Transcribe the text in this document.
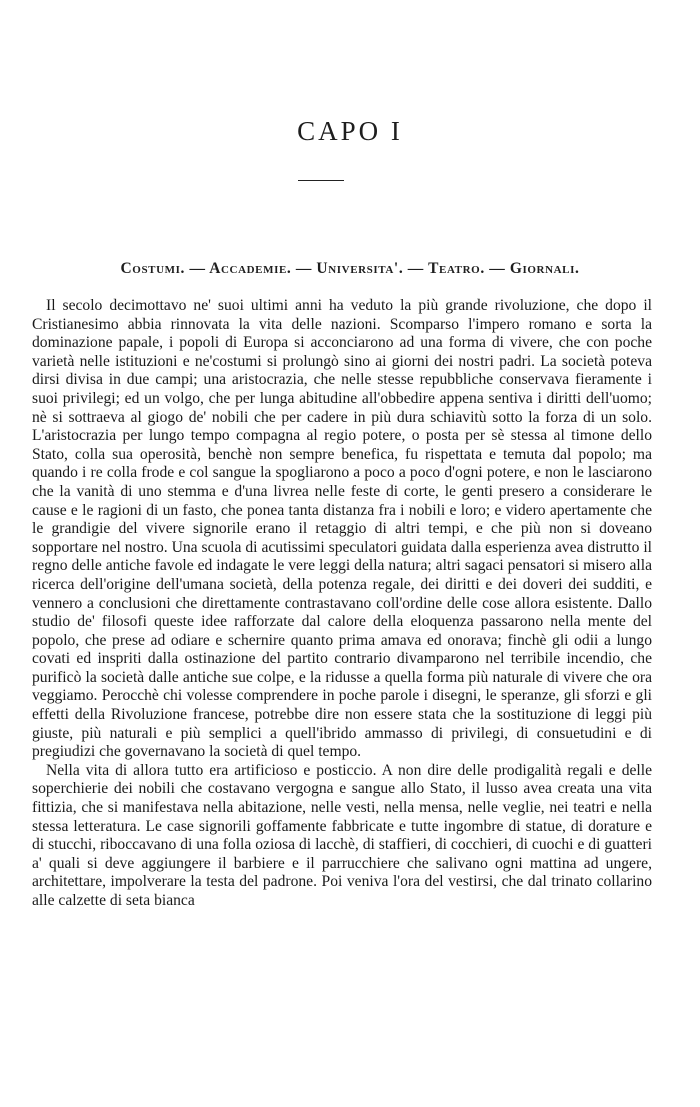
CAPO I
Costumi. — Accademie. — Universita'. — Teatro. — Giornali.

Il secolo decimottavo ne' suoi ultimi anni ha veduto la più grande rivoluzione, che dopo il Cristianesimo abbia rinnovata la vita delle nazioni. Scomparso l'impero romano e sorta la dominazione papale, i popoli di Europa si acconciarono ad una forma di vivere, che con poche varietà nelle istituzioni e ne'costumi si prolungò sino ai giorni dei nostri padri. La società poteva dirsi divisa in due campi; una aristocrazia, che nelle stesse repubbliche conservava fieramente i suoi privilegi; ed un volgo, che per lunga abitudine all'obbedire appena sentiva i diritti dell'uomo; nè si sottraeva al giogo de' nobili che per cadere in più dura schiavitù sotto la forza di un solo. L'aristocrazia per lungo tempo compagna al regio potere, o posta per sè stessa al timone dello Stato, colla sua operosità, benchè non sempre benefica, fu rispettata e temuta dal popolo; ma quando i re colla frode e col sangue la spogliarono a poco a poco d'ogni potere, e non le lasciarono che la vanità di uno stemma e d'una livrea nelle feste di corte, le genti presero a considerare le cause e le ragioni di un fasto, che ponea tanta distanza fra i nobili e loro; e videro apertamente che le grandigie del vivere signorile erano il retaggio di altri tempi, e che più non si doveano sopportare nel nostro. Una scuola di acutissimi speculatori guidata dalla esperienza avea distrutto il regno delle antiche favole ed indagate le vere leggi della natura; altri sagaci pensatori si misero alla ricerca dell'origine dell'umana società, della potenza regale, dei diritti e dei doveri dei sudditi, e vennero a conclusioni che direttamente contrastavano coll'ordine delle cose allora esistente. Dallo studio de' filosofi queste idee rafforzate dal calore della eloquenza passarono nella mente del popolo, che prese ad odiare e schernire quanto prima amava ed onorava; finchè gli odii a lungo covati ed inspriti dalla ostinazione del partito contrario divamparono nel terribile incendio, che purificò la società dalle antiche sue colpe, e la ridusse a quella forma più naturale di vivere che ora veggiamo. Perocchè chi volesse comprendere in poche parole i disegni, le speranze, gli sforzi e gli effetti della Rivoluzione francese, potrebbe dire non essere stata che la sostituzione di leggi più giuste, più naturali e più semplici a quell'ibrido ammasso di privilegi, di consuetudini e di pregiudizi che governavano la società di quel tempo.

Nella vita di allora tutto era artificioso e posticcio. A non dire delle prodigalità regali e delle soperchierie dei nobili che costavano vergogna e sangue allo Stato, il lusso avea creata una vita fittizia, che si manifestava nella abitazione, nelle vesti, nella mensa, nelle veglie, nei teatri e nella stessa letteratura. Le case signorili goffamente fabbricate e tutte ingombre di statue, di dorature e di stucchi, riboccavano di una folla oziosa di lacchè, di staffieri, di cocchieri, di cuochi e di guatteri a' quali si deve aggiungere il barbiere e il parrucchiere che salivano ogni mattina ad ungere, architettare, impolverare la testa del padrone. Poi veniva l'ora del vestirsi, che dal trinato collarino alle calzette di seta bianca
